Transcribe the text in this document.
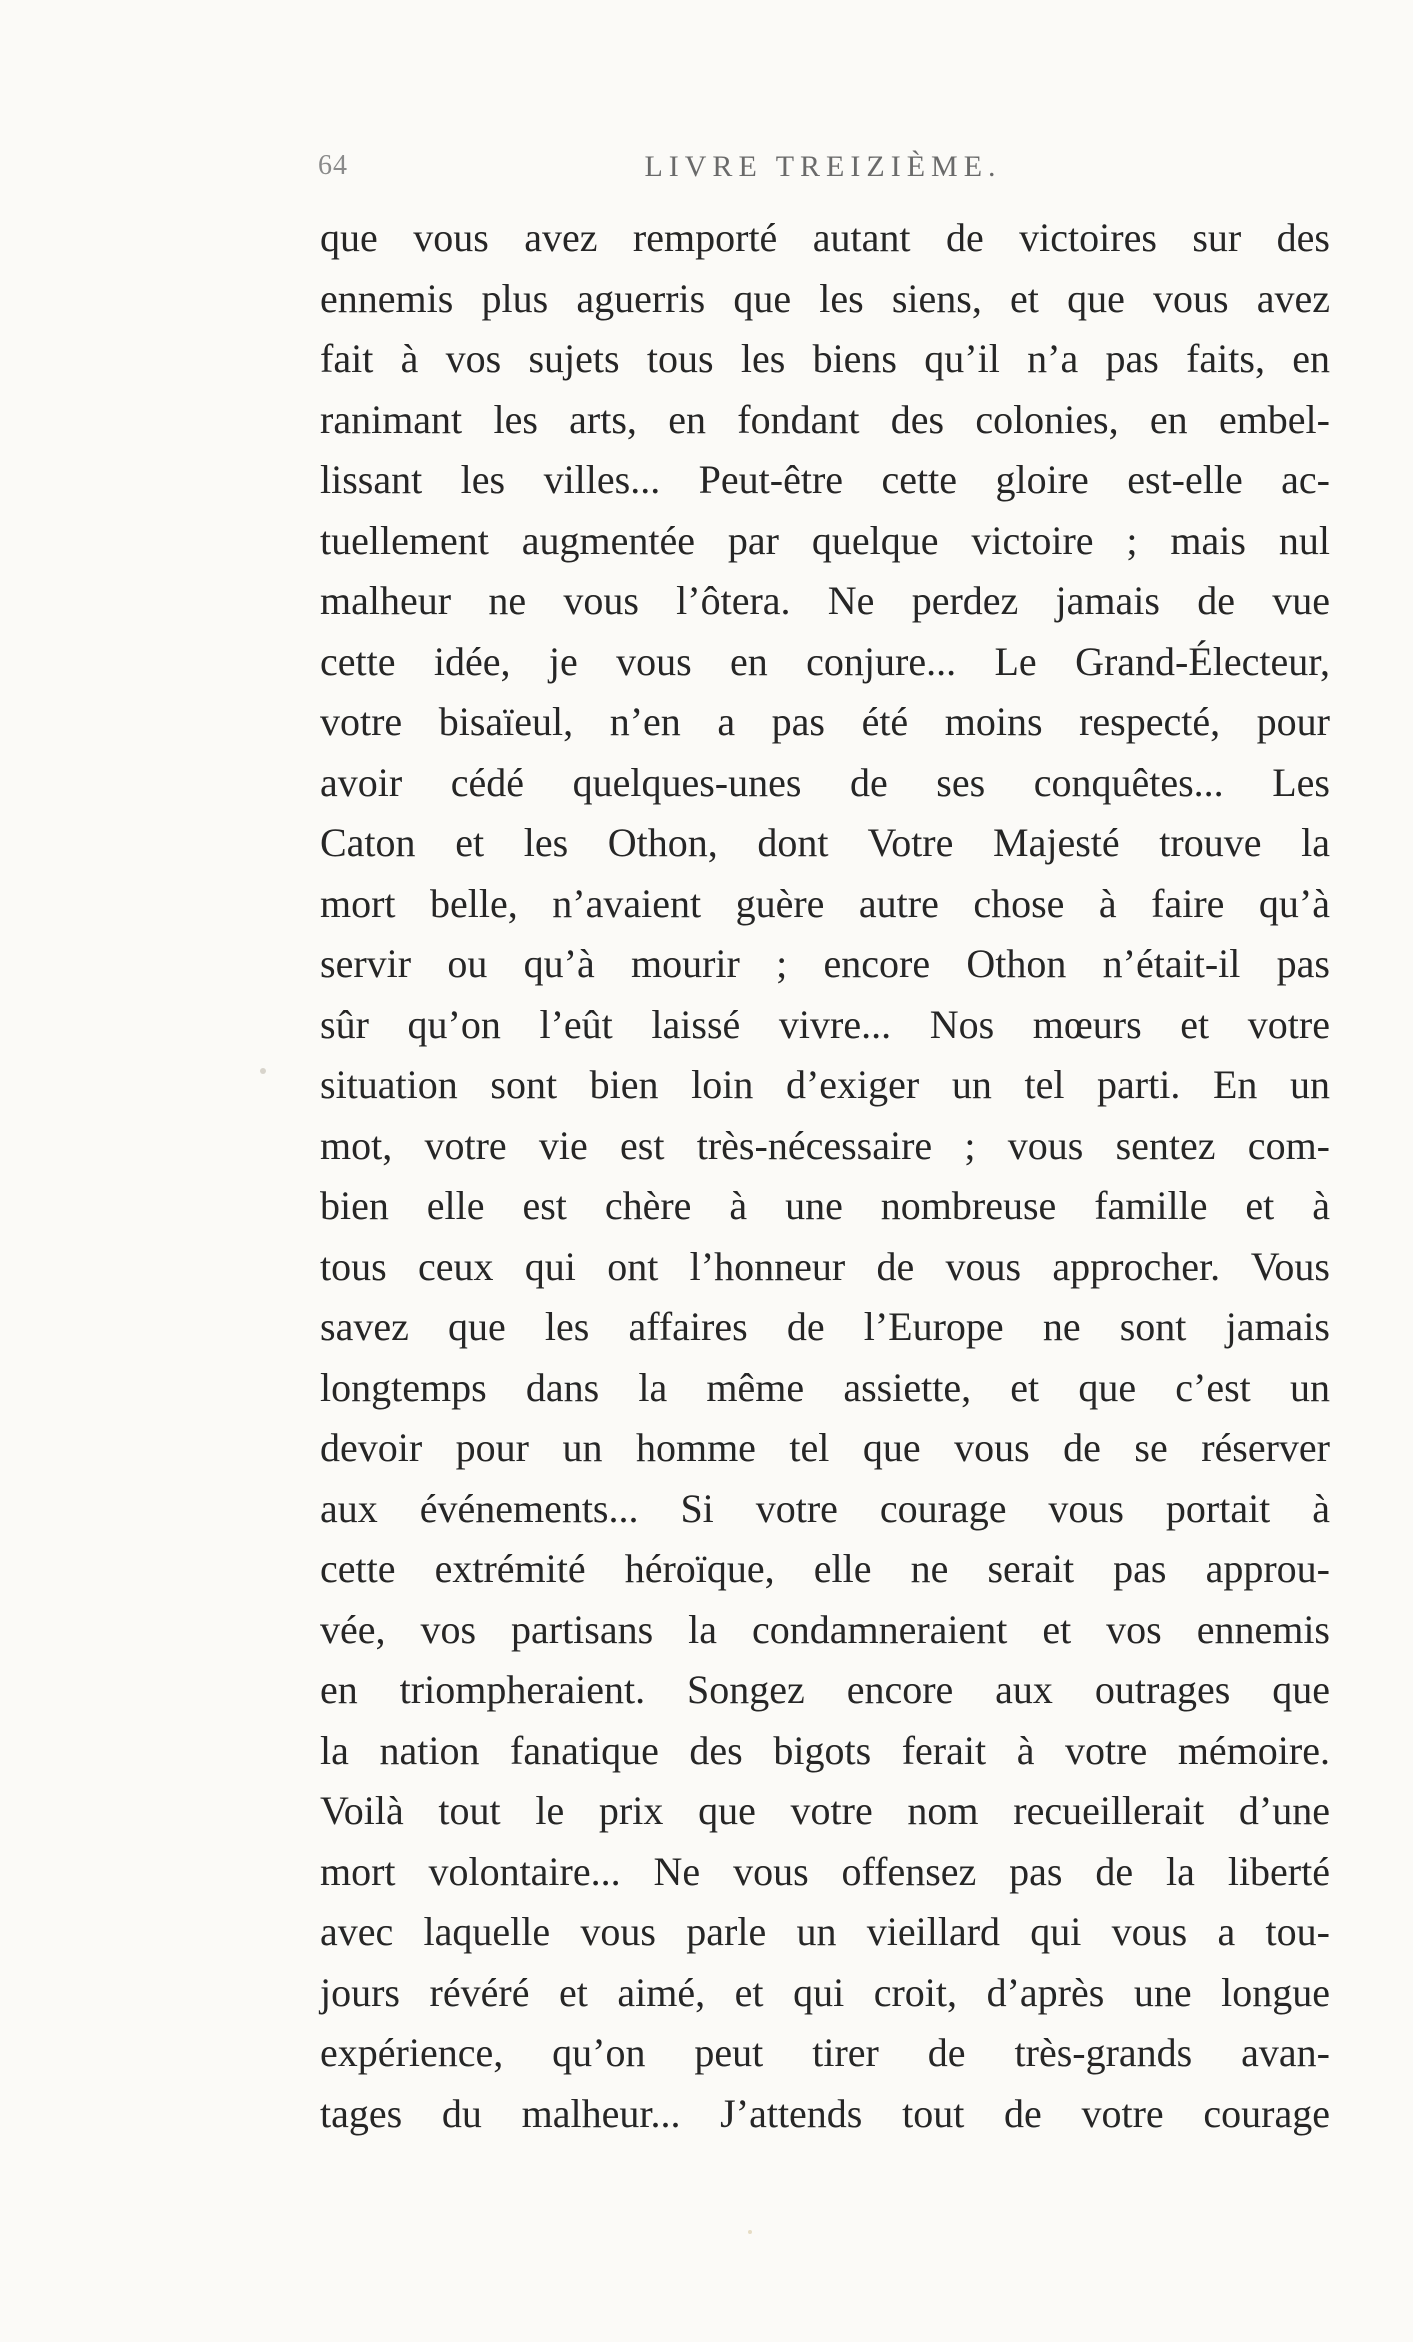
64	LIVRE TREIZIÈME.
que vous avez remporté autant de victoires sur des
ennemis plus aguerris que les siens, et que vous avez
fait à vos sujets tous les biens qu’il n’a pas faits, en
ranimant les arts, en fondant des colonies, en embel-
lissant les villes... Peut-être cette gloire est-elle ac-
tuellement augmentée par quelque victoire ; mais nul
malheur ne vous l’ôtera. Ne perdez jamais de vue
cette idée, je vous en conjure... Le Grand-Électeur,
votre bisaïeul, n’en a pas été moins respecté, pour
avoir cédé quelques-unes de ses conquêtes... Les
Caton et les Othon, dont Votre Majesté trouve la
mort belle, n’avaient guère autre chose à faire qu’à
servir ou qu’à mourir ; encore Othon n’était-il pas
sûr qu’on l’eût laissé vivre... Nos mœurs et votre
situation sont bien loin d’exiger un tel parti. En un
mot, votre vie est très-nécessaire ; vous sentez com-
bien elle est chère à une nombreuse famille et à
tous ceux qui ont l’honneur de vous approcher. Vous
savez que les affaires de l’Europe ne sont jamais
longtemps dans la même assiette, et que c’est un
devoir pour un homme tel que vous de se réserver
aux événements... Si votre courage vous portait à
cette extrémité héroïque, elle ne serait pas approu-
vée, vos partisans la condamneraient et vos ennemis
en triompheraient. Songez encore aux outrages que
la nation fanatique des bigots ferait à votre mémoire.
Voilà tout le prix que votre nom recueillerait d’une
mort volontaire... Ne vous offensez pas de la liberté
avec laquelle vous parle un vieillard qui vous a tou-
jours révéré et aimé, et qui croit, d’après une longue
expérience, qu’on peut tirer de très-grands avan-
tages du malheur... J’attends tout de votre courage
